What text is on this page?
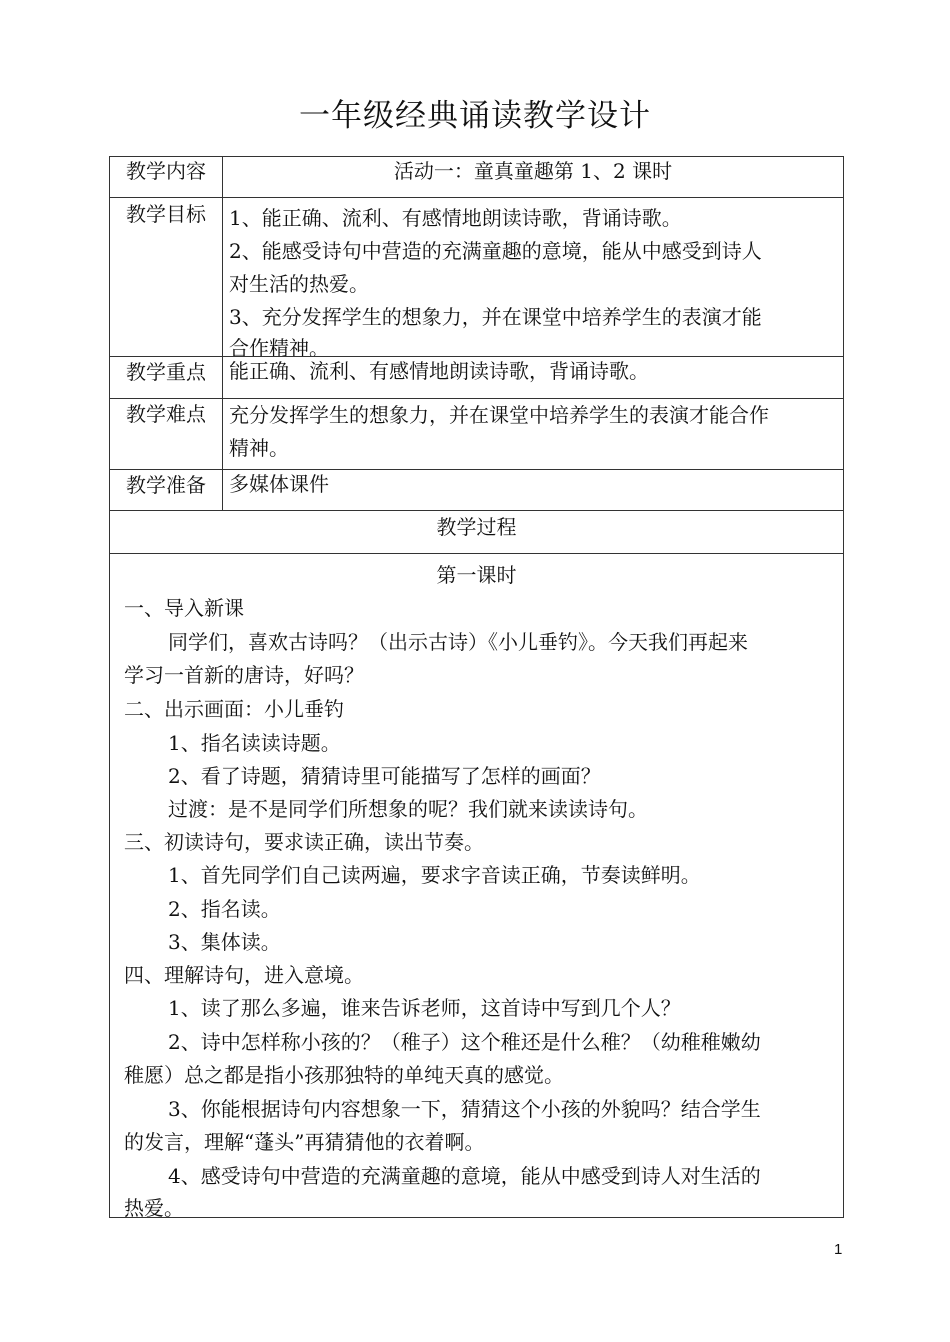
一年级经典诵读教学设计
教学内容	活动一：童真童趣第 1、2 课时
教学目标	1、能正确、流利、有感情地朗读诗歌，背诵诗歌。
2、能感受诗句中营造的充满童趣的意境，能从中感受到诗人
对生活的热爱。
3、充分发挥学生的想象力，并在课堂中培养学生的表演才能
合作精神。
教学重点	能正确、流利、有感情地朗读诗歌，背诵诗歌。
教学难点	充分发挥学生的想象力，并在课堂中培养学生的表演才能合作
精神。
教学准备	多媒体课件
教学过程
第一课时
一、导入新课
同学们，喜欢古诗吗？（出示古诗）《小儿垂钓》。今天我们再起来
学习一首新的唐诗，好吗？
二、出示画面：小儿垂钓
1、指名读读诗题。
2、看了诗题，猜猜诗里可能描写了怎样的画面？
过渡：是不是同学们所想象的呢？我们就来读读诗句。
三、初读诗句，要求读正确，读出节奏。
1、首先同学们自己读两遍，要求字音读正确，节奏读鲜明。
2、指名读。
3、集体读。
四、理解诗句，进入意境。
1、读了那么多遍，谁来告诉老师，这首诗中写到几个人？
2、诗中怎样称小孩的？（稚子）这个稚还是什么稚？（幼稚稚嫩幼
稚愿）总之都是指小孩那独特的单纯天真的感觉。
3、你能根据诗句内容想象一下，猜猜这个小孩的外貌吗？结合学生
的发言，理解“蓬头”再猜猜他的衣着啊。
4、感受诗句中营造的充满童趣的意境，能从中感受到诗人对生活的
热爱。
1
